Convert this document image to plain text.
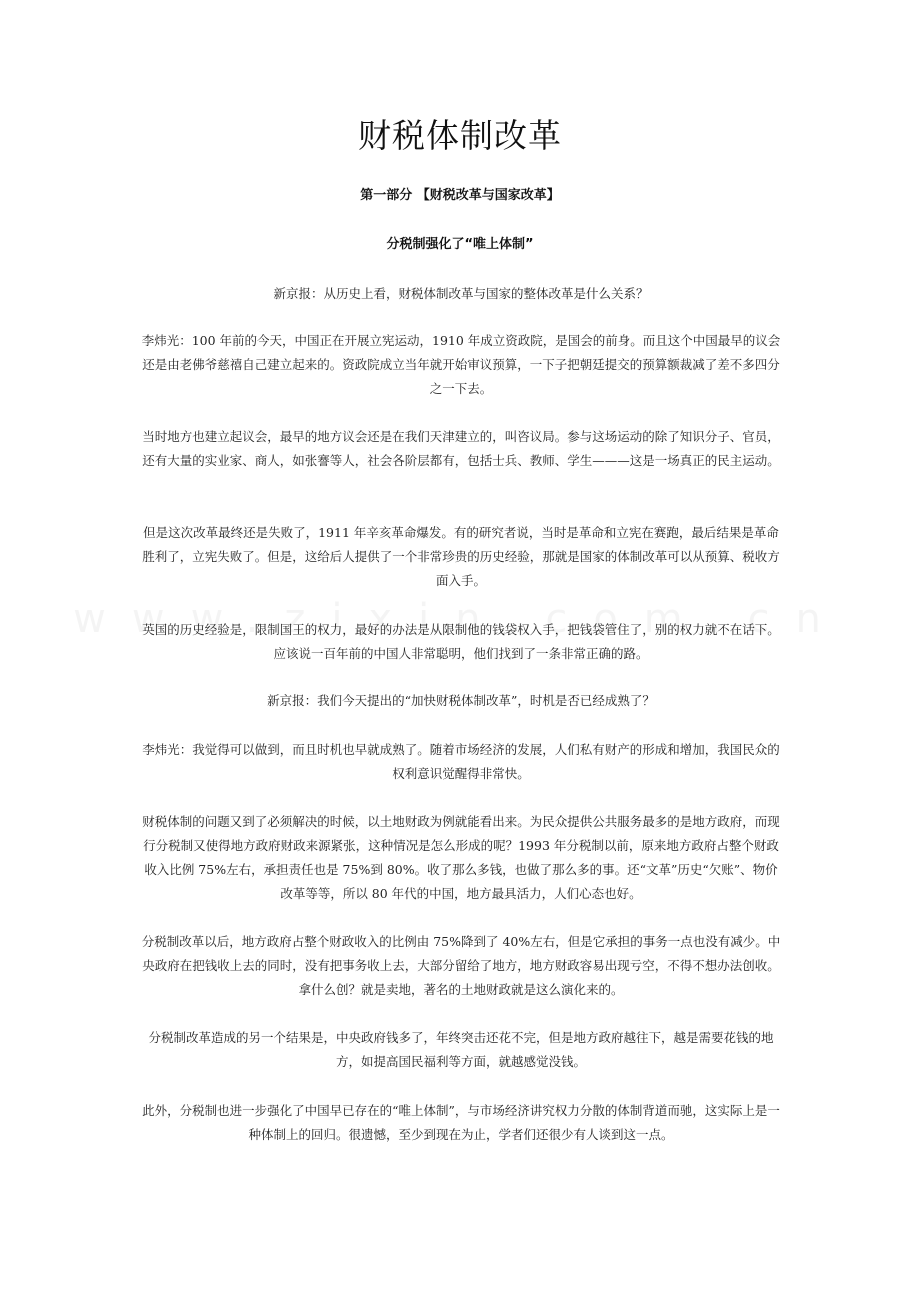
财税体制改革
第一部分 【财税改革与国家改革】
分税制强化了“唯上体制”

新京报：从历史上看，财税体制改革与国家的整体改革是什么关系？

李炜光：100 年前的今天，中国正在开展立宪运动，1910 年成立资政院，是国会的前身。而且这个中国最早的议会还是由老佛爷慈禧自己建立起来的。资政院成立当年就开始审议预算，一下子把朝廷提交的预算额裁减了差不多四分之一下去。

当时地方也建立起议会，最早的地方议会还是在我们天津建立的，叫咨议局。参与这场运动的除了知识分子、官员，还有大量的实业家、商人，如张謇等人，社会各阶层都有，包括士兵、教师、学生———这是一场真正的民主运动。

但是这次改革最终还是失败了，1911 年辛亥革命爆发。有的研究者说，当时是革命和立宪在赛跑，最后结果是革命胜利了，立宪失败了。但是，这给后人提供了一个非常珍贵的历史经验，那就是国家的体制改革可以从预算、税收方面入手。

英国的历史经验是，限制国王的权力，最好的办法是从限制他的钱袋权入手，把钱袋管住了，别的权力就不在话下。应该说一百年前的中国人非常聪明，他们找到了一条非常正确的路。

新京报：我们今天提出的“加快财税体制改革”，时机是否已经成熟了？

李炜光：我觉得可以做到，而且时机也早就成熟了。随着市场经济的发展，人们私有财产的形成和增加，我国民众的权利意识觉醒得非常快。

财税体制的问题又到了必须解决的时候，以土地财政为例就能看出来。为民众提供公共服务最多的是地方政府，而现行分税制又使得地方政府财政来源紧张，这种情况是怎么形成的呢？1993 年分税制以前，原来地方政府占整个财政收入比例 75%左右，承担责任也是 75%到 80%。收了那么多钱，也做了那么多的事。还“文革”历史“欠账”、物价改革等等，所以 80 年代的中国，地方最具活力，人们心态也好。

分税制改革以后，地方政府占整个财政收入的比例由 75%降到了 40%左右，但是它承担的事务一点也没有减少。中央政府在把钱收上去的同时，没有把事务收上去，大部分留给了地方，地方财政容易出现亏空，不得不想办法创收。拿什么创？就是卖地，著名的土地财政就是这么演化来的。

分税制改革造成的另一个结果是，中央政府钱多了，年终突击还花不完，但是地方政府越往下，越是需要花钱的地方，如提高国民福利等方面，就越感觉没钱。

此外，分税制也进一步强化了中国早已存在的“唯上体制”，与市场经济讲究权力分散的体制背道而驰，这实际上是一种体制上的回归。很遗憾，至少到现在为止，学者们还很少有人谈到这一点。
